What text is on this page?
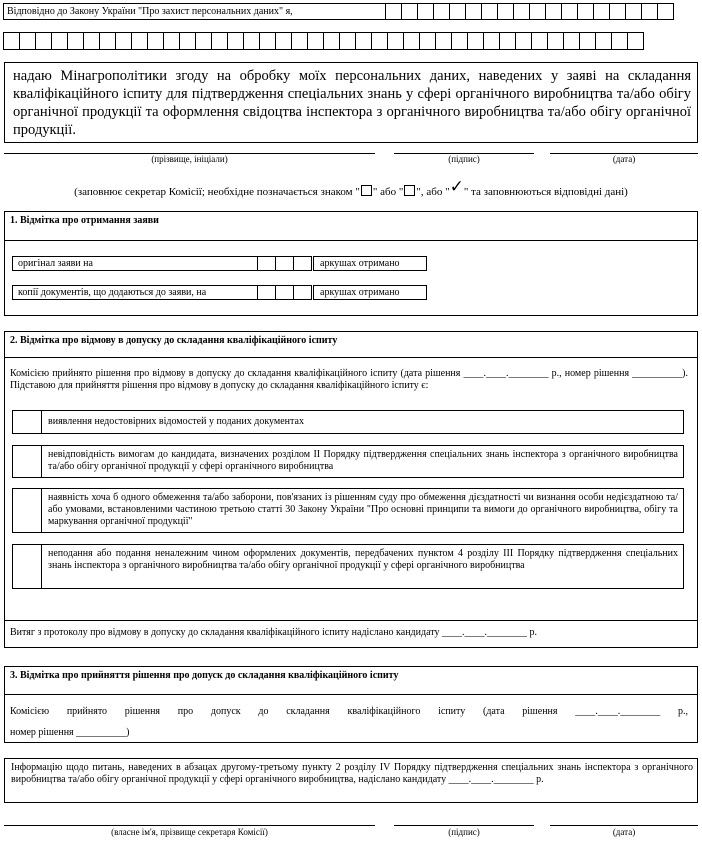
Відповідно до Закону України "Про захист персональних даних" я,
надаю Мінагрополітики згоду на обробку моїх персональних даних, наведених у заяві на складання кваліфікаційного іспиту для підтвердження спеціальних знань у сфері органічного виробництва та/або обігу органічної продукції та оформлення свідоцтва інспектора з органічного виробництва та/або обігу органічної продукції.
(прізвище, ініціали)	(підпис)	(дата)
(заповнює секретар Комісії; необхідне позначається знаком " " або " ", або "✓" та заповнюються відповідні дані)
1. Відмітка про отримання заяви
оригінал заяви на	аркушах отримано
копії документів, що додаються до заяви, на	аркушах отримано
2. Відмітка про відмову в допуску до складання кваліфікаційного іспиту
Комісією прийнято рішення про відмову в допуску до складання кваліфікаційного іспиту (дата рішення ____.____.________ р., номер рішення __________). Підставою для прийняття рішення про відмову в допуску до складання кваліфікаційного іспиту є:
виявлення недостовірних відомостей у поданих документах
невідповідність вимогам до кандидата, визначених розділом II Порядку підтвердження спеціальних знань інспектора з органічного виробництва та/або обігу органічної продукції у сфері органічного виробництва
наявність хоча б одного обмеження та/або заборони, пов'язаних із рішенням суду про обмеження дієздатності чи визнання особи недієздатною та/або умовами, встановленими частиною третьою статті 30 Закону України "Про основні принципи та вимоги до органічного виробництва, обігу та маркування органічної продукції"
неподання або подання неналежним чином оформлених документів, передбачених пунктом 4 розділу III Порядку підтвердження спеціальних знань інспектора з органічного виробництва та/або обігу органічної продукції у сфері органічного виробництва
Витяг з протоколу про відмову в допуску до складання кваліфікаційного іспиту надіслано кандидату ____.____.________ р.
3. Відмітка про прийняття рішення про допуск до складання кваліфікаційного іспиту
Комісією прийнято рішення про допуск до складання кваліфікаційного іспиту (дата рішення ____.____.________ р.,
номер рішення __________)
Інформацію щодо питань, наведених в абзацах другому-третьому пункту 2 розділу IV Порядку підтвердження спеціальних знань інспектора з органічного виробництва та/або обігу органічної продукції у сфері органічного виробництва, надіслано кандидату ____.____.________ р.
(власне ім'я, прізвище секретаря Комісії)	(підпис)	(дата)
